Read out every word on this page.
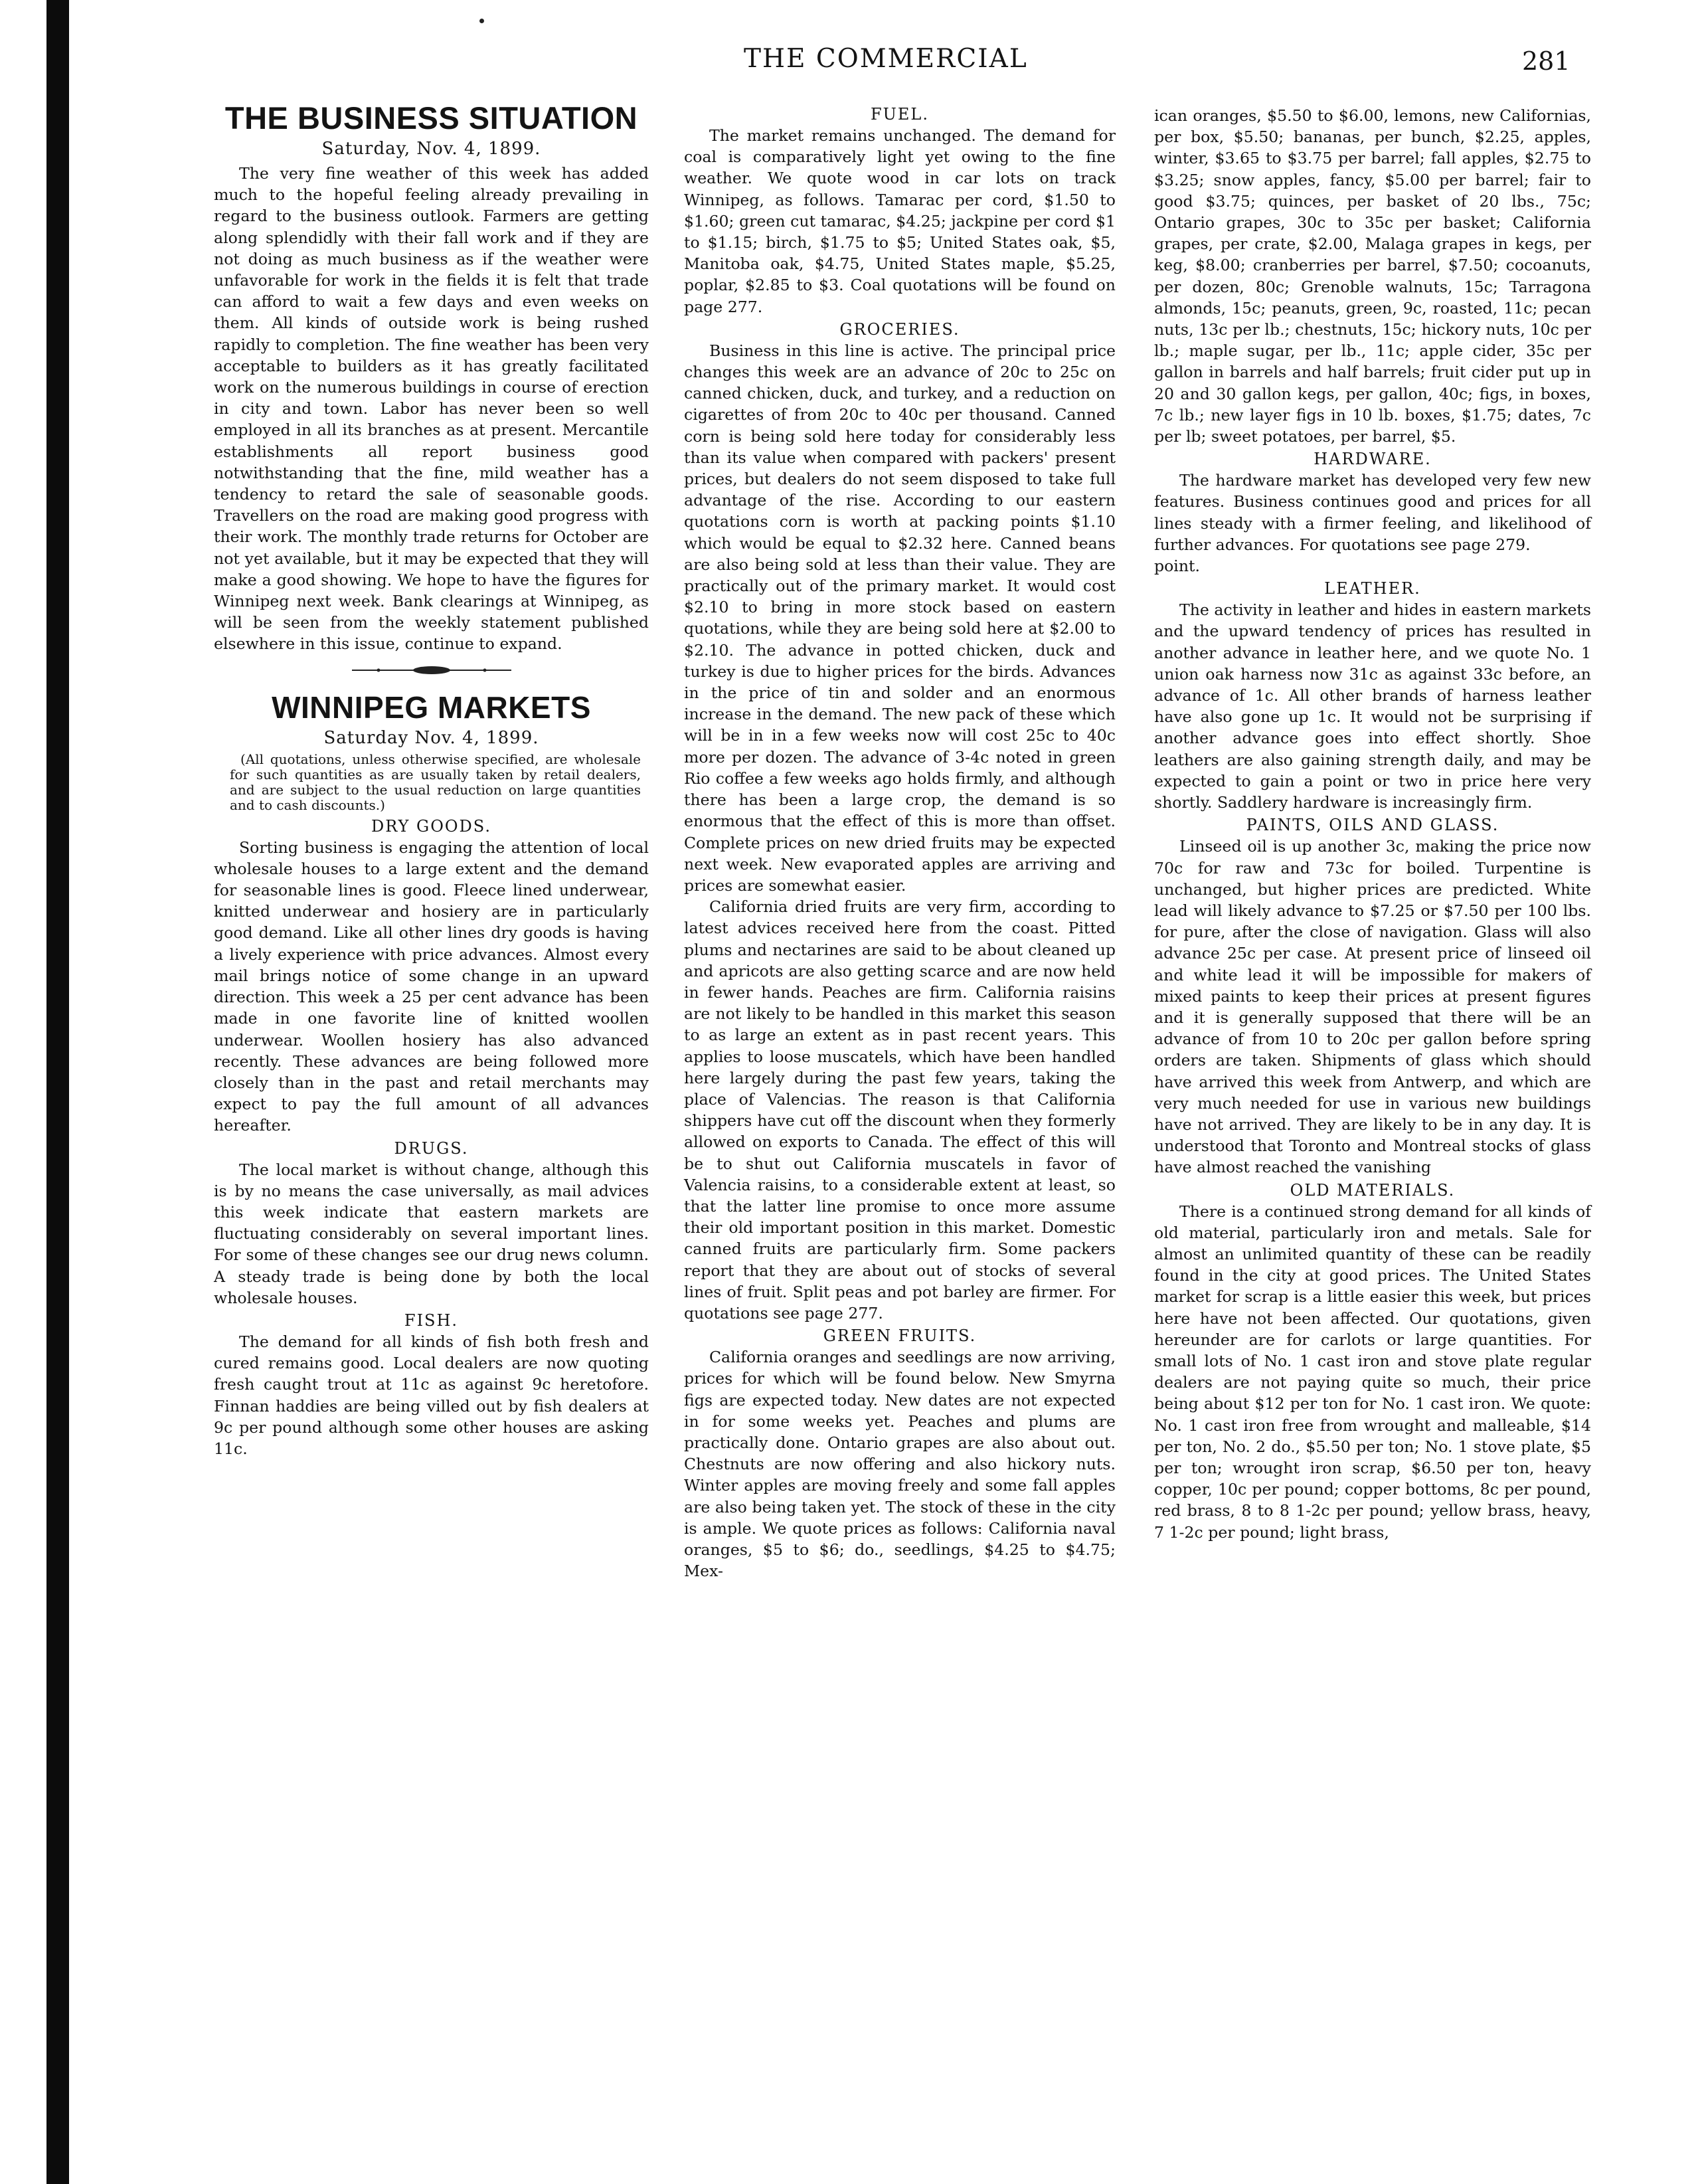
THE COMMERCIAL	281
THE BUSINESS SITUATION
Saturday, Nov. 4, 1899.

The very fine weather of this week has added much to the hopeful feeling already prevailing in regard to the business outlook. Farmers are getting along splendidly with their fall work and if they are not doing as much business as if the weather were unfavorable for work in the fields it is felt that trade can afford to wait a few days and even weeks on them. All kinds of outside work is being rushed rapidly to completion. The fine weather has been very acceptable to builders as it has greatly facilitated work on the numerous buildings in course of erection in city and town. Labor has never been so well employed in all its branches as at present. Mercantile establishments all report business good notwithstanding that the fine, mild weather has a tendency to retard the sale of seasonable goods. Travellers on the road are making good progress with their work. The monthly trade returns for October are not yet available, but it may be expected that they will make a good showing. We hope to have the figures for Winnipeg next week. Bank clearings at Winnipeg, as will be seen from the weekly statement published elsewhere in this issue, continue to expand.

WINNIPEG MARKETS
Saturday Nov. 4, 1899.

(All quotations, unless otherwise specified, are wholesale for such quantities as are usually taken by retail dealers, and are subject to the usual reduction on large quantities and to cash discounts.)

DRY GOODS.

Sorting business is engaging the attention of local wholesale houses to a large extent and the demand for seasonable lines is good. Fleece lined underwear, knitted underwear and hosiery are in particularly good demand. Like all other lines dry goods is having a lively experience with price advances. Almost every mail brings notice of some change in an upward direction. This week a 25 per cent advance has been made in one favorite line of knitted woollen underwear. Woollen hosiery has also advanced recently. These advances are being followed more closely than in the past and retail merchants may expect to pay the full amount of all advances hereafter.

DRUGS.

The local market is without change, although this is by no means the case universally, as mail advices this week indicate that eastern markets are fluctuating considerably on several important lines. For some of these changes see our drug news column. A steady trade is being done by both the local wholesale houses.

FISH.

The demand for all kinds of fish both fresh and cured remains good. Local dealers are now quoting fresh caught trout at 11c as against 9c heretofore. Finnan haddies are being villed out by fish dealers at 9c per pound although some other houses are asking 11c.

FUEL.

The market remains unchanged. The demand for coal is comparatively light yet owing to the fine weather. We quote wood in car lots on track Winnipeg, as follows. Tamarac per cord, $1.50 to $1.60; green cut tamarac, $4.25; jackpine per cord $1 to $1.15; birch, $1.75 to $5; United States oak, $5, Manitoba oak, $4.75, United States maple, $5.25, poplar, $2.85 to $3. Coal quotations will be found on page 277.

GROCERIES.

Business in this line is active. The principal price changes this week are an advance of 20c to 25c on canned chicken, duck, and turkey, and a reduction on cigarettes of from 20c to 40c per thousand. Canned corn is being sold here today for considerably less than its value when compared with packers' present prices, but dealers do not seem disposed to take full advantage of the rise. According to our eastern quotations corn is worth at packing points $1.10 which would be equal to $2.32 here. Canned beans are also being sold at less than their value. They are practically out of the primary market. It would cost $2.10 to bring in more stock based on eastern quotations, while they are being sold here at $2.00 to $2.10. The advance in potted chicken, duck and turkey is due to higher prices for the birds. Advances in the price of tin and solder and an enormous increase in the demand. The new pack of these which will be in in a few weeks now will cost 25c to 40c more per dozen. The advance of 3-4c noted in green Rio coffee a few weeks ago holds firmly, and although there has been a large crop, the demand is so enormous that the effect of this is more than offset. Complete prices on new dried fruits may be expected next week. New evaporated apples are arriving and prices are somewhat easier.

California dried fruits are very firm, according to latest advices received here from the coast. Pitted plums and nectarines are said to be about cleaned up and apricots are also getting scarce and are now held in fewer hands. Peaches are firm. California raisins are not likely to be handled in this market this season to as large an extent as in past recent years. This applies to loose muscatels, which have been handled here largely during the past few years, taking the place of Valencias. The reason is that California shippers have cut off the discount when they formerly allowed on exports to Canada. The effect of this will be to shut out California muscatels in favor of Valencia raisins, to a considerable extent at least, so that the latter line promise to once more assume their old important position in this market. Domestic canned fruits are particularly firm. Some packers report that they are about out of stocks of several lines of fruit. Split peas and pot barley are firmer. For quotations see page 277.

GREEN FRUITS.

California oranges and seedlings are now arriving, prices for which will be found below. New Smyrna figs are expected today. New dates are not expected in for some weeks yet. Peaches and plums are practically done. Ontario grapes are also about out. Chestnuts are now offering and also hickory nuts. Winter apples are moving freely and some fall apples are also being taken yet. The stock of these in the city is ample. We quote prices as follows: California naval oranges, $5 to $6; do., seedlings, $4.25 to $4.75; Mex-

ican oranges, $5.50 to $6.00, lemons, new Californias, per box, $5.50; bananas, per bunch, $2.25, apples, winter, $3.65 to $3.75 per barrel; fall apples, $2.75 to $3.25; snow apples, fancy, $5.00 per barrel; fair to good $3.75; quinces, per basket of 20 lbs., 75c; Ontario grapes, 30c to 35c per basket; California grapes, per crate, $2.00, Malaga grapes in kegs, per keg, $8.00; cranberries per barrel, $7.50; cocoanuts, per dozen, 80c; Grenoble walnuts, 15c; Tarragona almonds, 15c; peanuts, green, 9c, roasted, 11c; pecan nuts, 13c per lb.; chestnuts, 15c; hickory nuts, 10c per lb.; maple sugar, per lb., 11c; apple cider, 35c per gallon in barrels and half barrels; fruit cider put up in 20 and 30 gallon kegs, per gallon, 40c; figs, in boxes, 7c lb.; new layer figs in 10 lb. boxes, $1.75; dates, 7c per lb; sweet potatoes, per barrel, $5.

HARDWARE.

The hardware market has developed very few new features. Business continues good and prices for all lines steady with a firmer feeling, and likelihood of further advances. For quotations see page 279.

point.

LEATHER.

The activity in leather and hides in eastern markets and the upward tendency of prices has resulted in another advance in leather here, and we quote No. 1 union oak harness now 31c as against 33c before, an advance of 1c. All other brands of harness leather have also gone up 1c. It would not be surprising if another advance goes into effect shortly. Shoe leathers are also gaining strength daily, and may be expected to gain a point or two in price here very shortly. Saddlery hardware is increasingly firm.

PAINTS, OILS AND GLASS.

Linseed oil is up another 3c, making the price now 70c for raw and 73c for boiled. Turpentine is unchanged, but higher prices are predicted. White lead will likely advance to $7.25 or $7.50 per 100 lbs. for pure, after the close of navigation. Glass will also advance 25c per case. At present price of linseed oil and white lead it will be impossible for makers of mixed paints to keep their prices at present figures and it is generally supposed that there will be an advance of from 10 to 20c per gallon before spring orders are taken. Shipments of glass which should have arrived this week from Antwerp, and which are very much needed for use in various new buildings have not arrived. They are likely to be in any day. It is understood that Toronto and Montreal stocks of glass have almost reached the vanishing

OLD MATERIALS.

There is a continued strong demand for all kinds of old material, particularly iron and metals. Sale for almost an unlimited quantity of these can be readily found in the city at good prices. The United States market for scrap is a little easier this week, but prices here have not been affected. Our quotations, given hereunder are for carlots or large quantities. For small lots of No. 1 cast iron and stove plate regular dealers are not paying quite so much, their price being about $12 per ton for No. 1 cast iron. We quote: No. 1 cast iron free from wrought and malleable, $14 per ton, No. 2 do., $5.50 per ton; No. 1 stove plate, $5 per ton; wrought iron scrap, $6.50 per ton, heavy copper, 10c per pound; copper bottoms, 8c per pound, red brass, 8 to 8 1-2c per pound; yellow brass, heavy, 7 1-2c per pound; light brass,
